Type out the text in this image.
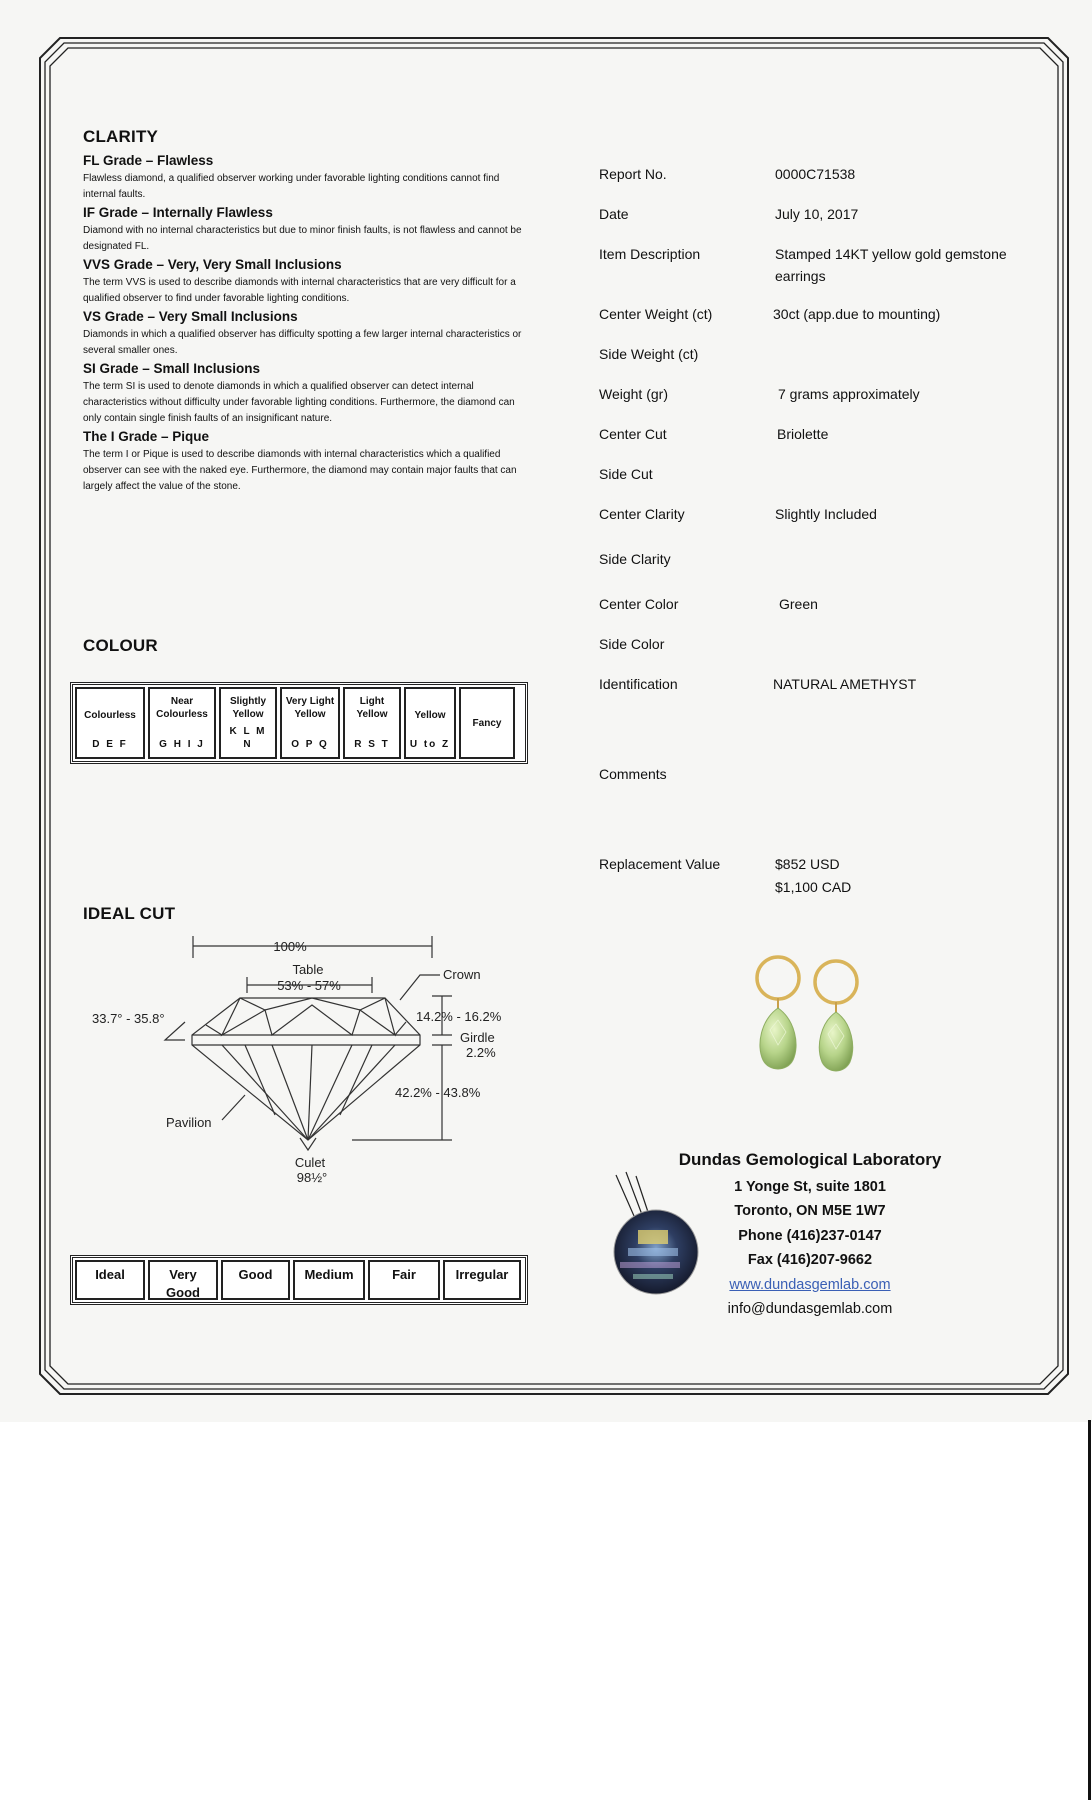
CLARITY
FL Grade – Flawless
Flawless diamond, a qualified observer working under favorable lighting conditions cannot find internal faults.
IF Grade – Internally Flawless
Diamond with no internal characteristics but due to minor finish faults, is not flawless and cannot be designated FL.
VVS Grade – Very, Very Small Inclusions
The term VVS is used to describe diamonds with internal characteristics that are very difficult for a qualified observer to find under favorable lighting conditions.
VS Grade – Very Small Inclusions
Diamonds in which a qualified observer has difficulty spotting a few larger internal characteristics or several smaller ones.
SI Grade – Small Inclusions
The term SI is used to denote diamonds in which a qualified observer can detect internal characteristics without difficulty under favorable lighting conditions. Furthermore, the diamond can only contain single finish faults of an insignificant nature.
The I Grade – Pique
The term I or Pique is used to describe diamonds with internal characteristics which a qualified observer can see with the naked eye. Furthermore, the diamond may contain major faults that can largely affect the value of the stone.
COLOUR
Colourless
D E F
Near Colourless
G H I J
Slightly Yellow
K L M N
Very Light Yellow
O P Q
Light Yellow
R S T
Yellow
U to Z
Fancy
IDEAL CUT
100%
Table
53% - 57%
Crown
33.7° - 35.8°	14.2% - 16.2%
Girdle
2.2%
42.2% - 43.8%
Pavilion
Culet
98½°
Ideal	Very Good
Good	Medium	Fair	Irregular
Report No.	0000C71538
Date	July 10, 2017
Item Description	Stamped 14KT yellow gold gemstone earrings
Center Weight (ct)	30ct (app.due to mounting)
Side Weight (ct)
Weight (gr)	7 grams approximately
Center Cut	Briolette
Side Cut
Center Clarity	Slightly Included
Side Clarity
Center Color	Green
Side Color
Identification	NATURAL AMETHYST
Comments
Replacement Value	$852 USD
$1,100 CAD
Dundas Gemological Laboratory
1 Yonge St, suite 1801
Toronto, ON M5E 1W7
Phone (416)237-0147
Fax (416)207-9662
www.dundasgemlab.com
info@dundasgemlab.com
